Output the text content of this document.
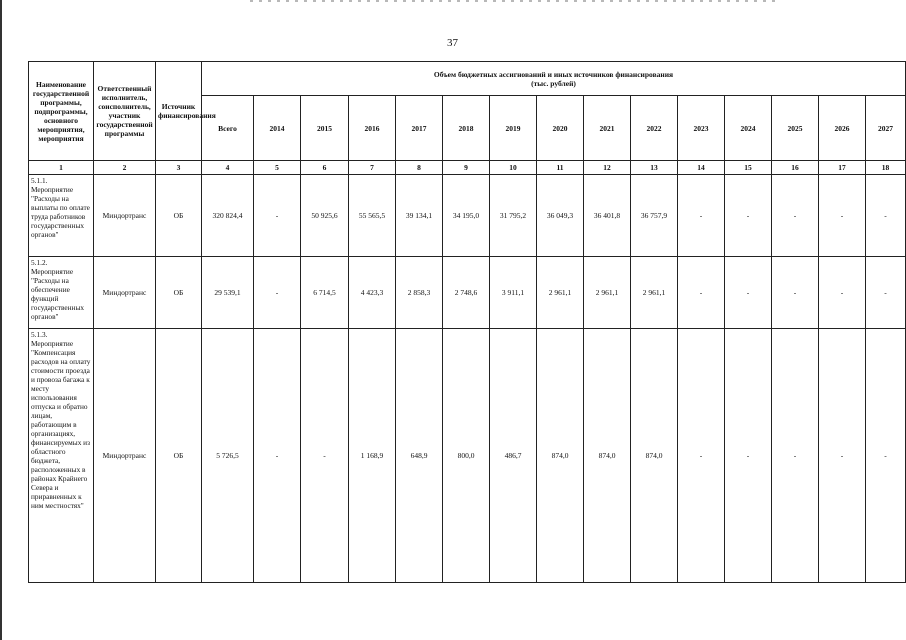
37
Наименование государственной программы, подпрограммы, основного мероприятия, мероприятия	Ответственный исполнитель, соисполнитель, участник государственной программы	Источник финансирования	Объем бюджетных ассигнований и иных источников финансирования
(тыс. рублей)														

			Всего	2014	2015	2016	2017	2018	2019	2020	2021	2022	2023	2024	2025	2026	2027
1	2	3	4	5	6	7	8	9	10	11	12	13	14	15	16	17	18
5.1.1.
Мероприятие "Расходы на выплаты по оплате труда работников государственных органов"	Миндортранс	ОБ	320 824,4	-	50 925,6	55 565,5	39 134,1	34 195,0	31 795,2	36 049,3	36 401,8	36 757,9	-	-	-	-	-
5.1.2.
Мероприятие "Расходы на обеспечение функций государственных органов"	Миндортранс	ОБ	29 539,1	-	6 714,5	4 423,3	2 858,3	2 748,6	3 911,1	2 961,1	2 961,1	2 961,1	-	-	-	-	-
5.1.3.
Мероприятие "Компенсация расходов на оплату стоимости проезда и провоза багажа к месту использования отпуска и обратно лицам, работающим в организациях, финансируемых из областного бюджета, расположенных в районах Крайнего Севера и приравненных к ним местностях"	Миндортранс	ОБ	5 726,5	-	-	1 168,9	648,9	800,0	486,7	874,0	874,0	874,0	-	-	-	-	-
